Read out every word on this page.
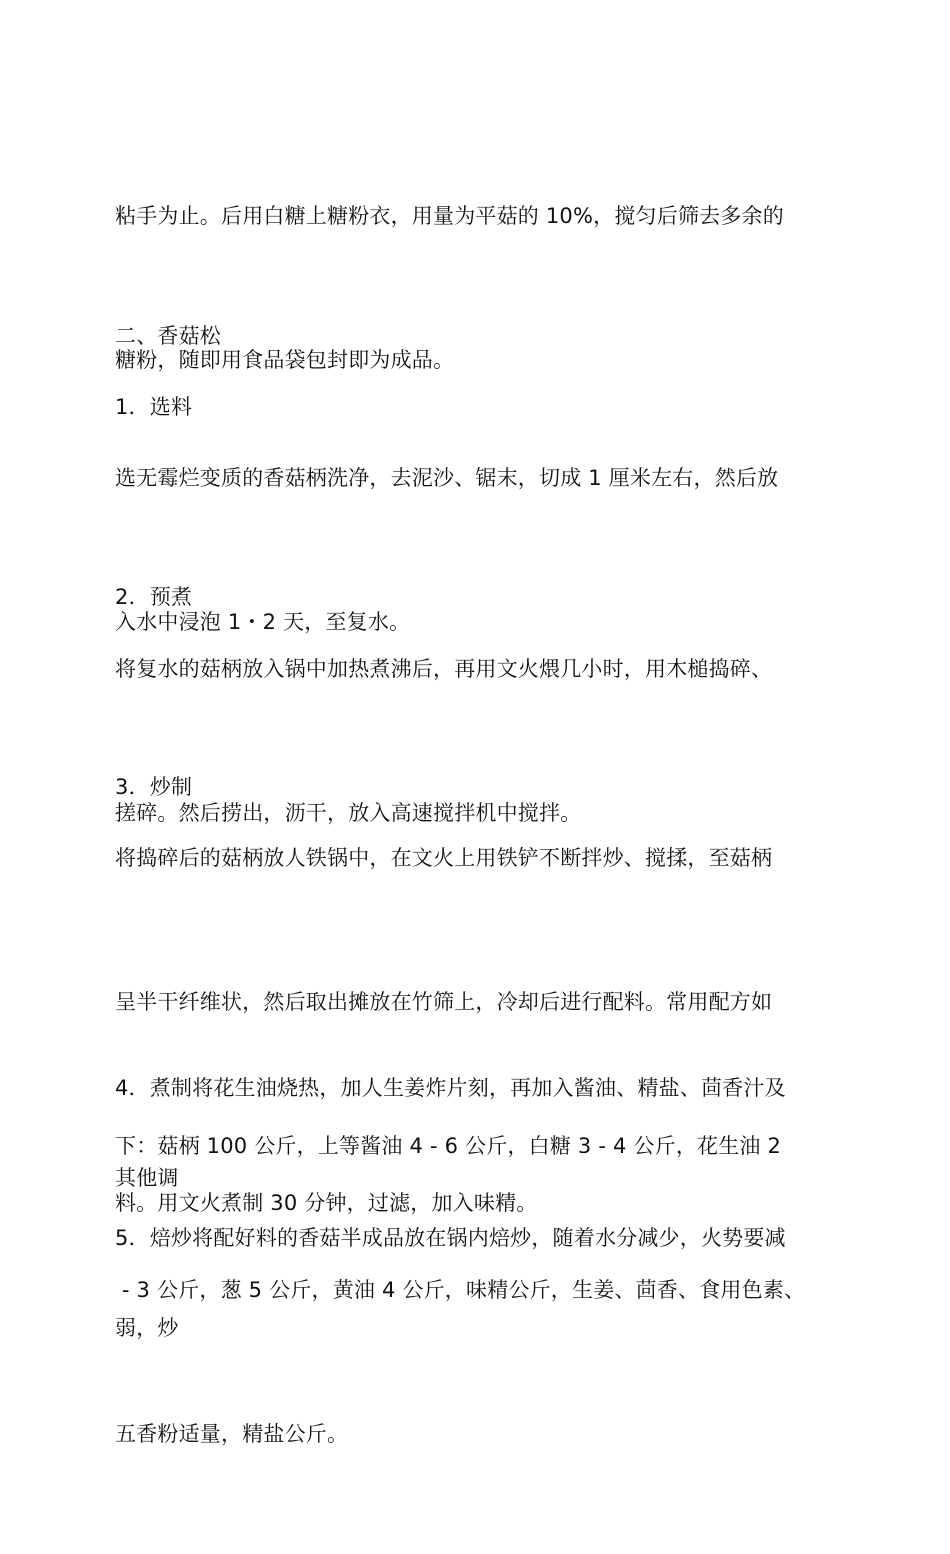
粘手为止。后用白糖上糖粉衣，用量为平菇的 10%，搅匀后筛去多余的

糖粉，随即用食品袋包封即为成品。

二、香菇松

1．选料

选无霉烂变质的香菇柄洗净，去泥沙、锯末，切成 1 厘米左右，然后放

入水中浸泡 1・2 天，至复水。

2．预煮

将复水的菇柄放入锅中加热煮沸后，再用文火煨几小时，用木槌捣碎、

搓碎。然后捞出，沥干，放入高速搅拌机中搅拌。

3．炒制

将捣碎后的菇柄放人铁锅中，在文火上用铁铲不断拌炒、搅揉，至菇柄

呈半干纤维状，然后取出摊放在竹筛上，冷却后进行配料。常用配方如

下：菇柄 100 公斤，上等酱油 4 - 6 公斤，白糖 3 - 4 公斤，花生油 2

- 3 公斤，葱 5 公斤，黄油 4 公斤，味精公斤，生姜、茴香、食用色素、

五香粉适量，精盐公斤。

4．煮制将花生油烧热，加人生姜炸片刻，再加入酱油、精盐、茴香汁及

其他调

料。用文火煮制 30 分钟，过滤，加入味精。

5．焙炒将配好料的香菇半成品放在锅内焙炒，随着水分减少，火势要减

弱，炒
